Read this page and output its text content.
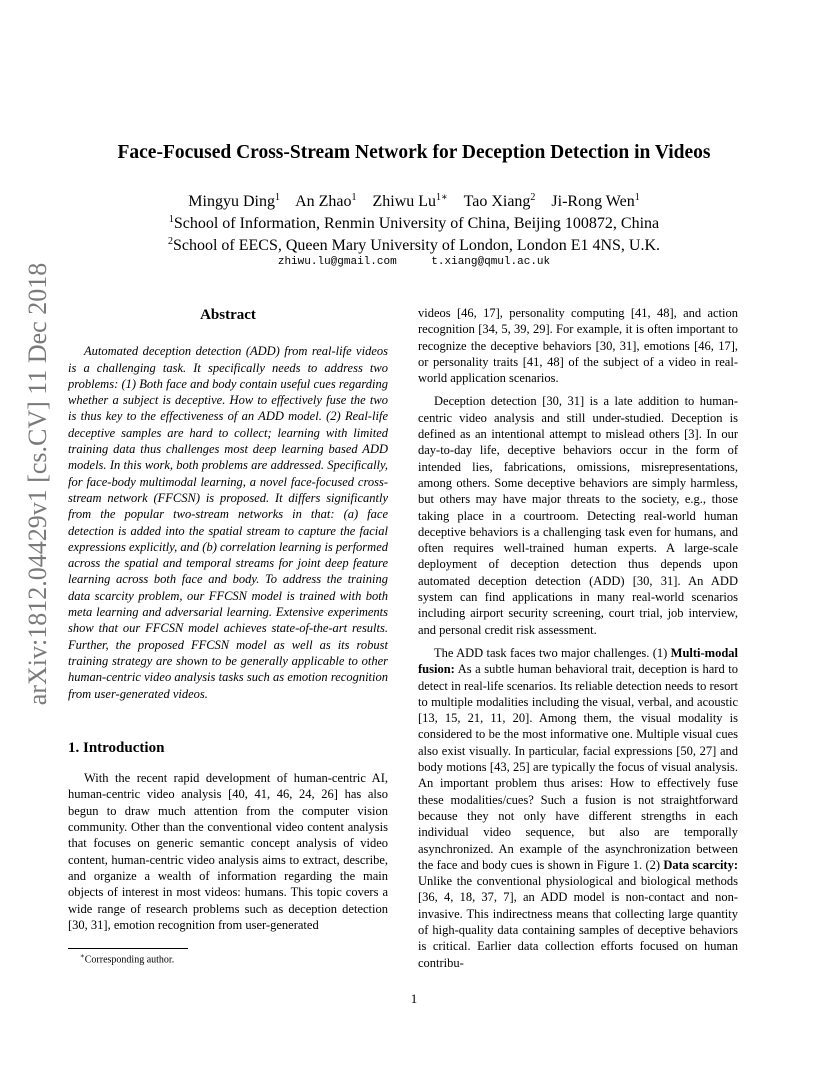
arXiv:1812.04429v1 [cs.CV] 11 Dec 2018
Face-Focused Cross-Stream Network for Deception Detection in Videos
Mingyu Ding$^1$ An Zhao$^1$ Zhiwu $Lu^{1∗}$ Tao Xiang$^2$ Ji-Rong Wen$^1$
$^1$School of Information, Renmin University of China, Beijing 100872, China
$^2$School of EECS, Queen Mary University of London, London E1 4NS, U.K.
zhiwu.lu@gmail.com	t.xiang@qmul.ac.uk
Abstract

Automated deception detection (ADD) from real-life videos is a challenging task. It specifically needs to address two problems: (1) Both face and body contain useful cues regarding whether a subject is deceptive. How to effectively fuse the two is thus key to the effectiveness of an ADD model. (2) Real-life deceptive samples are hard to collect; learning with limited training data thus challenges most deep learning based ADD models. In this work, both problems are addressed. Specifically, for face-body multimodal learning, a novel face-focused cross-stream network (FFCSN) is proposed. It differs significantly from the popular two-stream networks in that: (a) face detection is added into the spatial stream to capture the facial expressions explicitly, and (b) correlation learning is performed across the spatial and temporal streams for joint deep feature learning across both face and body. To address the training data scarcity problem, our FFCSN model is trained with both meta learning and adversarial learning. Extensive experiments show that our FFCSN model achieves state-of-the-art results. Further, the proposed FFCSN model as well as its robust training strategy are shown to be generally applicable to other human-centric video analysis tasks such as emotion recognition from user-generated videos.

1. Introduction

With the recent rapid development of human-centric AI, human-centric video analysis [40, 41, 46, 24, 26] has also begun to draw much attention from the computer vision community. Other than the conventional video content analysis that focuses on generic semantic concept analysis of video content, human-centric video analysis aims to extract, describe, and organize a wealth of information regarding the main objects of interest in most videos: humans. This topic covers a wide range of research problems such as deception detection [30, 31], emotion recognition from user-generated

videos [46, 17], personality computing [41, 48], and action recognition [34, 5, 39, 29]. For example, it is often important to recognize the deceptive behaviors [30, 31], emotions [46, 17], or personality traits [41, 48] of the subject of a video in real-world application scenarios.

Deception detection [30, 31] is a late addition to human-centric video analysis and still under-studied. Deception is defined as an intentional attempt to mislead others [3]. In our day-to-day life, deceptive behaviors occur in the form of intended lies, fabrications, omissions, misrepresentations, among others. Some deceptive behaviors are simply harmless, but others may have major threats to the society, e.g., those taking place in a courtroom. Detecting real-world human deceptive behaviors is a challenging task even for humans, and often requires well-trained human experts. A large-scale deployment of deception detection thus depends upon automated deception detection (ADD) [30, 31]. An ADD system can find applications in many real-world scenarios including airport security screening, court trial, job interview, and personal credit risk assessment.

The ADD task faces two major challenges. (1) Multi-modal fusion: As a subtle human behavioral trait, deception is hard to detect in real-life scenarios. Its reliable detection needs to resort to multiple modalities including the visual, verbal, and acoustic [13, 15, 21, 11, 20]. Among them, the visual modality is considered to be the most informative one. Multiple visual cues also exist visually. In particular, facial expressions [50, 27] and body motions [43, 25] are typically the focus of visual analysis. An important problem thus arises: How to effectively fuse these modalities/cues? Such a fusion is not straightforward because they not only have different strengths in each individual video sequence, but also are temporally asynchronized. An example of the asynchronization between the face and body cues is shown in Figure 1. (2) Data scarcity: Unlike the conventional physiological and biological methods [36, 4, 18, 37, 7], an ADD model is non-contact and non-invasive. This indirectness means that collecting large quantity of high-quality data containing samples of deceptive behaviors is critical. Earlier data collection efforts focused on human contribu-

∗Corresponding author.
1
